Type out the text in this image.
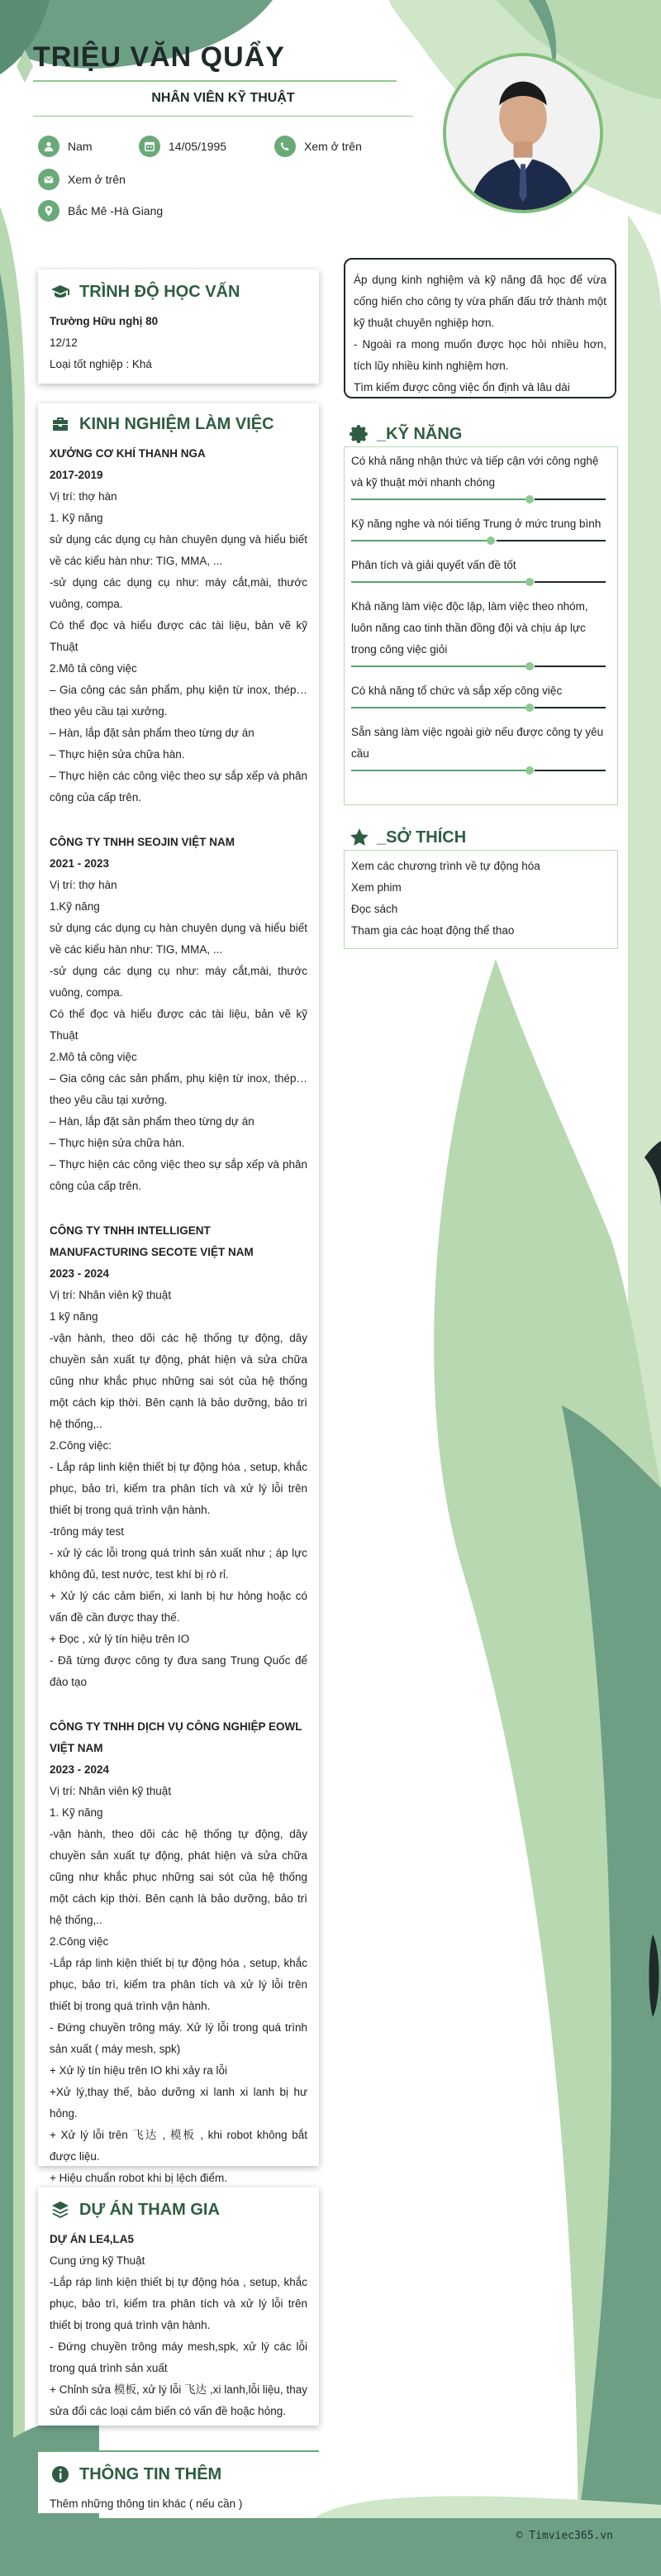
TRIỆU VĂN QUẨY
NHÂN VIÊN KỸ THUẬT
Nam	14/05/1995	Xem ở trên
Xem ở trên
Bắc Mê -Hà Giang
Áp dụng kinh nghiệm và kỹ năng đã học để vừa cống hiến cho công ty vừa phấn đấu trở thành một kỹ thuật chuyên nghiệp hơn.
- Ngoài ra mong muốn được học hỏi nhiều hơn, tích lũy nhiều kinh nghiệm hơn.
Tìm kiếm được công việc ổn định và lâu dài
TRÌNH ĐỘ HỌC VẤN
Trường Hữu nghị 80
12/12
Loại tốt nghiệp : Khá
KINH NGHIỆM LÀM VIỆC
XƯỞNG CƠ KHÍ THANH NGA
2017-2019
Vị trí: thợ hàn
1. Kỹ năng
sử dụng các dụng cụ hàn chuyên dụng và hiểu biết về các kiểu hàn như: TIG, MMA, ...
-sử dụng các dụng cụ như: máy cắt,mài, thước vuông, compa.
Có thể đọc và hiểu được các tài liệu, bản vẽ kỹ Thuật
2.Mô tả công việc
– Gia công các sản phẩm, phụ kiện từ inox, thép… theo yêu cầu tại xưởng.
– Hàn, lắp đặt sản phẩm theo từng dự án
– Thực hiện sửa chữa hàn.
– Thực hiện các công việc theo sự sắp xếp và phân công của cấp trên.
CÔNG TY TNHH SEOJIN VIỆT NAM
2021 - 2023
Vị trí: thợ hàn
1.Kỹ năng
sử dụng các dụng cụ hàn chuyên dụng và hiểu biết về các kiểu hàn như: TIG, MMA, ...
-sử dụng các dụng cụ như: máy cắt,mài, thước vuông, compa.
Có thể đọc và hiểu được các tài liệu, bản vẽ kỹ Thuật
2.Mô tả công việc
– Gia công các sản phẩm, phụ kiện từ inox, thép… theo yêu cầu tại xưởng.
– Hàn, lắp đặt sản phẩm theo từng dự án
– Thực hiện sửa chữa hàn.
– Thực hiện các công việc theo sự sắp xếp và phân công của cấp trên.
CÔNG TY TNHH INTELLIGENT MANUFACTURING SECOTE VIỆT NAM
2023 - 2024
Vị trí: Nhân viên kỹ thuật
1 kỹ năng
-vận hành, theo dõi các hệ thống tự động, dây chuyền sản xuất tự động, phát hiện và sửa chữa cũng như khắc phục những sai sót của hệ thống một cách kịp thời. Bên cạnh là bảo dưỡng, bảo trì hệ thống,..
2.Công việc:
- Lắp ráp linh kiện thiết bị tự động hóa , setup, khắc phục, bảo trì, kiểm tra phân tích và xử lý lỗi trên thiết bị trong quá trình vận hành.
-trông máy test
- xử lý các lỗi trong quá trình sản xuất như ; áp lực không đủ, test nước, test khí bị rò rỉ.
+ Xử lý các cảm biến, xi lanh bị hư hỏng hoặc có vấn đề cần được thay thế.
+ Đọc , xử lý tín hiệu trên IO
- Đã từng được công ty đưa sang Trung Quốc để đào tạo
CÔNG TY TNHH DỊCH VỤ CÔNG NGHIỆP EOWL VIỆT NAM
2023 - 2024
Vị trí: Nhân viên kỹ thuật
1. Kỹ năng
-vận hành, theo dõi các hệ thống tự động, dây chuyền sản xuất tự động, phát hiện và sửa chữa cũng như khắc phục những sai sót của hệ thống một cách kịp thời. Bên cạnh là bảo dưỡng, bảo trì hệ thống,..
2.Công việc
-Lắp ráp linh kiện thiết bị tự động hóa , setup, khắc phục, bảo trì, kiểm tra phân tích và xử lý lỗi trên thiết bị trong quá trình vận hành.
- Đứng chuyền trông máy. Xử lý lỗi trong quá trình sản xuất ( máy mesh, spk)
+ Xử lý tín hiệu trên IO khi xảy ra lỗi
+Xử lý,thay thế, bảo dưỡng xi lanh xi lanh bị hư hỏng.
+ Xử lý lỗi trên 飞达 , 模板 , khi robot không bắt được liệu.
+ Hiệu chuẩn robot khi bị lệch điểm.
DỰ ÁN THAM GIA
DỰ ÁN LE4,LA5
Cung ứng kỹ Thuật
-Lắp ráp linh kiện thiết bị tự động hóa , setup, khắc phục, bảo trì, kiểm tra phân tích và xử lý lỗi trên thiết bị trong quá trình vận hành.
- Đứng chuyền trông máy mesh,spk, xử lý các lỗi trong quá trình sản xuất
+ Chỉnh sửa 模板, xử lý lỗi 飞达 ,xi lanh,lỗi liệu, thay sửa đổi các loại cảm biến có vấn đề hoặc hỏng.
THÔNG TIN THÊM
Thêm những thông tin khác ( nếu cần )
_KỸ NĂNG
Có khả năng nhận thức và tiếp cận với công nghệ và kỹ thuật mới nhanh chóng
Kỹ năng nghe và nói tiếng Trung ở mức trung bình
Phân tích và giải quyết vấn đề tốt
Khả năng làm việc độc lập, làm việc theo nhóm, luôn năng cao tinh thần đồng đội và chịu áp lực trong công việc giỏi
Có khả năng tổ chức và sắp xếp công việc
Sẵn sàng làm việc ngoài giờ nếu được công ty yêu cầu
_SỞ THÍCH
Xem các chương trình về tự động hóa
Xem phim
Đọc sách
Tham gia các hoạt động thể thao
© Timviec365.vn
